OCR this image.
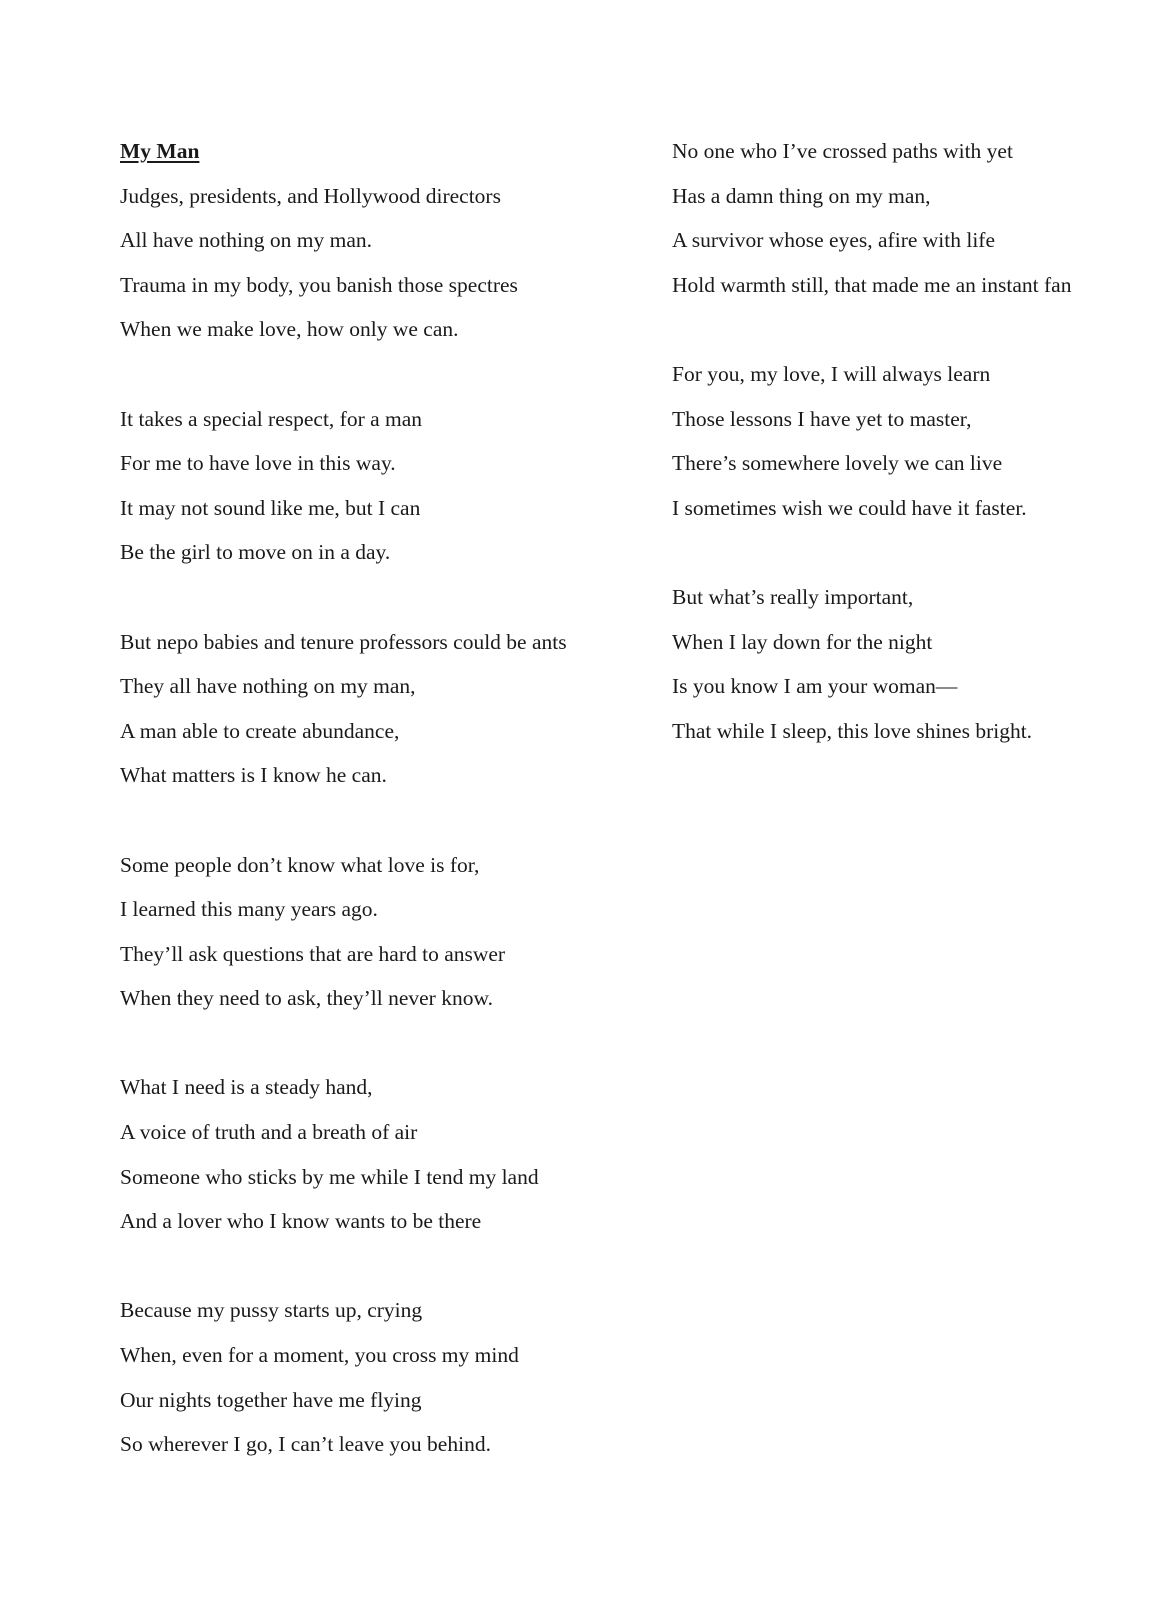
My Man
Judges, presidents, and Hollywood directors
All have nothing on my man.
Trauma in my body, you banish those spectres
When we make love, how only we can.
It takes a special respect, for a man
For me to have love in this way.
It may not sound like me, but I can
Be the girl to move on in a day.
But nepo babies and tenure professors could be ants
They all have nothing on my man,
A man able to create abundance,
What matters is I know he can.
Some people don’t know what love is for,
I learned this many years ago.
They’ll ask questions that are hard to answer
When they need to ask, they’ll never know.
What I need is a steady hand,
A voice of truth and a breath of air
Someone who sticks by me while I tend my land
And a lover who I know wants to be there
Because my pussy starts up, crying
When, even for a moment, you cross my mind
Our nights together have me flying
So wherever I go, I can’t leave you behind.
No one who I’ve crossed paths with yet
Has a damn thing on my man,
A survivor whose eyes, afire with life
Hold warmth still, that made me an instant fan
For you, my love, I will always learn
Those lessons I have yet to master,
There’s somewhere lovely we can live
I sometimes wish we could have it faster.
But what’s really important,
When I lay down for the night
Is you know I am your woman—
That while I sleep, this love shines bright.
